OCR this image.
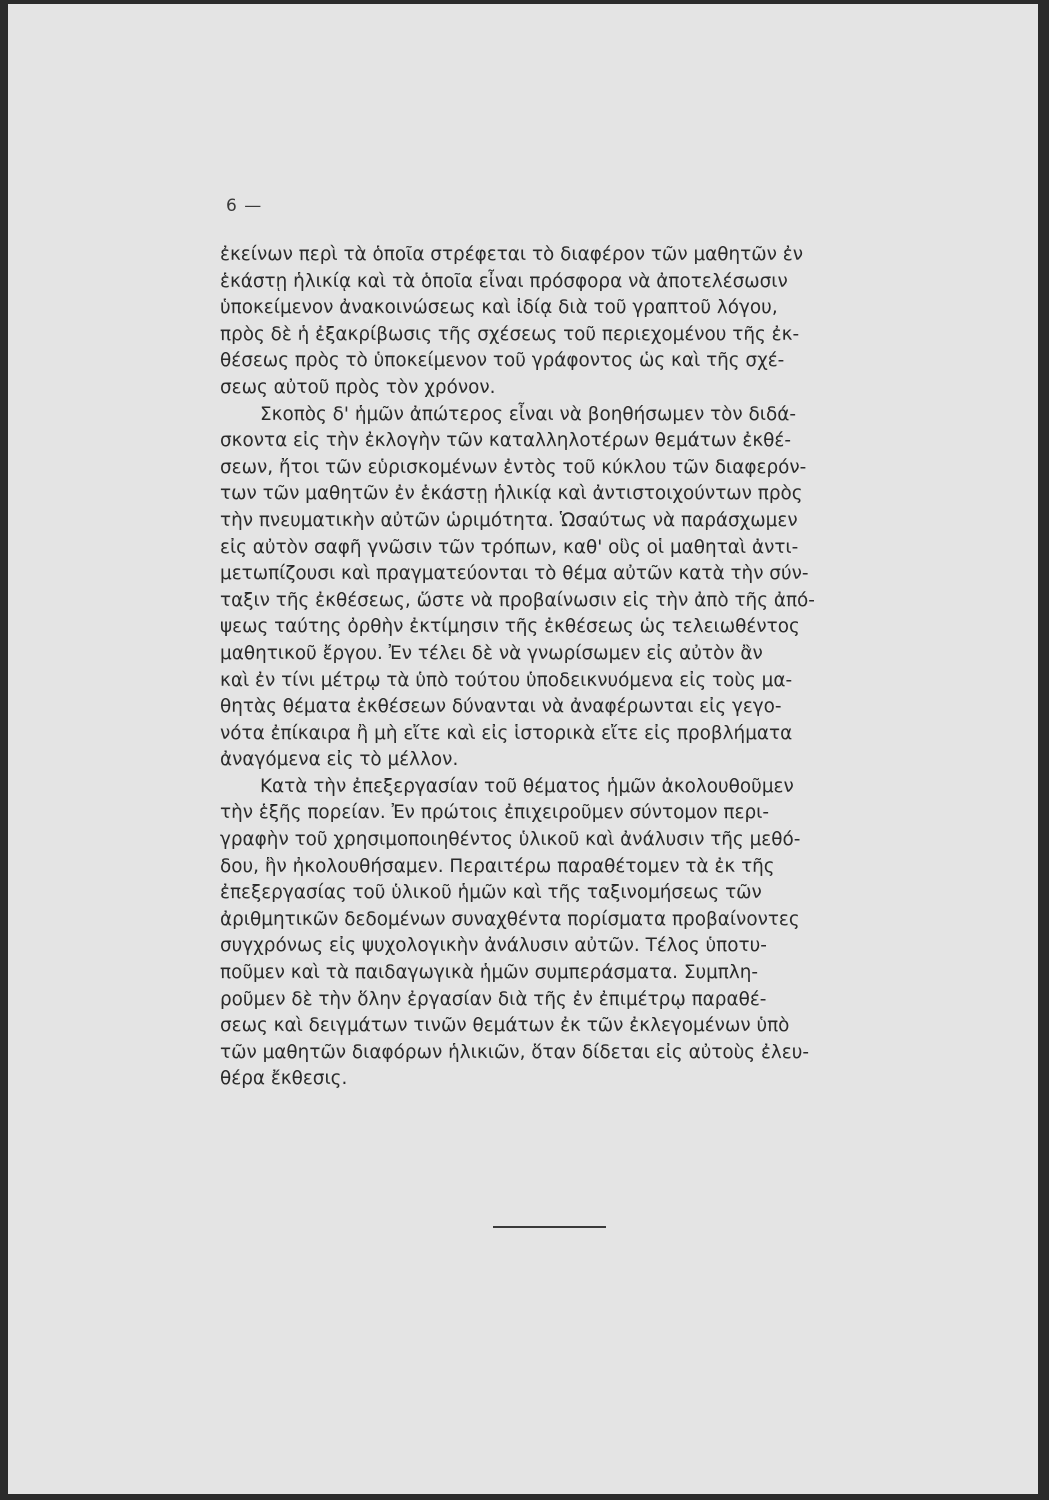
6 —
ἐκείνων περὶ τὰ ὁποῖα στρέφεται τὸ διαφέρον τῶν μαθητῶν ἐν
ἑκάστῃ ἡλικίᾳ καὶ τὰ ὁποῖα εἶναι πρόσφορα νὰ ἀποτελέσωσιν
ὑποκείμενον ἀνακοινώσεως καὶ ἰδίᾳ διὰ τοῦ γραπτοῦ λόγου,
πρὸς δὲ ἡ ἐξακρίβωσις τῆς σχέσεως τοῦ περιεχομένου τῆς ἐκ-
θέσεως πρὸς τὸ ὑποκείμενον τοῦ γράφοντος ὡς καὶ τῆς σχέ-
σεως αὐτοῦ πρὸς τὸν χρόνον.
Σκοπὸς δ' ἡμῶν ἀπώτερος εἶναι νὰ βοηθήσωμεν τὸν διδά-
σκοντα εἰς τὴν ἐκλογὴν τῶν καταλληλοτέρων θεμάτων ἐκθέ-
σεων, ἤτοι τῶν εὑρισκομένων ἐντὸς τοῦ κύκλου τῶν διαφερόν-
των τῶν μαθητῶν ἐν ἑκάστῃ ἡλικίᾳ καὶ ἀντιστοιχούντων πρὸς
τὴν πνευματικὴν αὐτῶν ὡριμότητα. Ὡσαύτως νὰ παράσχωμεν
εἰς αὐτὸν σαφῆ γνῶσιν τῶν τρόπων, καθ' οὓς οἱ μαθηταὶ ἀντι-
μετωπίζουσι καὶ πραγματεύονται τὸ θέμα αὐτῶν κατὰ τὴν σύν-
ταξιν τῆς ἐκθέσεως, ὥστε νὰ προβαίνωσιν εἰς τὴν ἀπὸ τῆς ἀπό-
ψεως ταύτης ὀρθὴν ἐκτίμησιν τῆς ἐκθέσεως ὡς τελειωθέντος
μαθητικοῦ ἔργου. Ἐν τέλει δὲ νὰ γνωρίσωμεν εἰς αὐτὸν ἂν
καὶ ἐν τίνι μέτρῳ τὰ ὑπὸ τούτου ὑποδεικνυόμενα εἰς τοὺς μα-
θητὰς θέματα ἐκθέσεων δύνανται νὰ ἀναφέρωνται εἰς γεγο-
νότα ἐπίκαιρα ἢ μὴ εἴτε καὶ εἰς ἱστορικὰ εἴτε εἰς προβλήματα
ἀναγόμενα εἰς τὸ μέλλον.
Κατὰ τὴν ἐπεξεργασίαν τοῦ θέματος ἡμῶν ἀκολουθοῦμεν
τὴν ἑξῆς πορείαν. Ἐν πρώτοις ἐπιχειροῦμεν σύντομον περι-
γραφὴν τοῦ χρησιμοποιηθέντος ὑλικοῦ καὶ ἀνάλυσιν τῆς μεθό-
δου, ἣν ἠκολουθήσαμεν. Περαιτέρω παραθέτομεν τὰ ἐκ τῆς
ἐπεξεργασίας τοῦ ὑλικοῦ ἡμῶν καὶ τῆς ταξινομήσεως τῶν
ἀριθμητικῶν δεδομένων συναχθέντα πορίσματα προβαίνοντες
συγχρόνως εἰς ψυχολογικὴν ἀνάλυσιν αὐτῶν. Τέλος ὑποτυ-
ποῦμεν καὶ τὰ παιδαγωγικὰ ἡμῶν συμπεράσματα. Συμπλη-
ροῦμεν δὲ τὴν ὅλην ἐργασίαν διὰ τῆς ἐν ἐπιμέτρῳ παραθέ-
σεως καὶ δειγμάτων τινῶν θεμάτων ἐκ τῶν ἐκλεγομένων ὑπὸ
τῶν μαθητῶν διαφόρων ἡλικιῶν, ὅταν δίδεται εἰς αὐτοὺς ἐλευ-
θέρα ἔκθεσις.
